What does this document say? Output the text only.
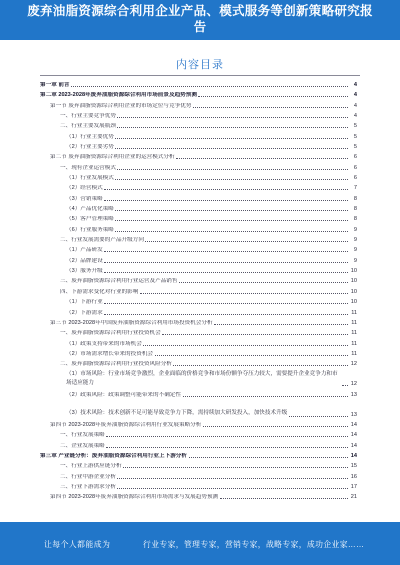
废弃油脂资源综合利用企业产品、模式服务等创新策略研究报告
内容目录
第一章 前言	4
第二章 2023-2028年废弃油脂资源综合利用市场前景及趋势预测	4
第一节 废弃油脂资源综合利用企业的市场定位与竞争优势	4
一、行业主要竞争优势	4
二、行业主要发展瓶颈	5
（1）行业主要优势	5
（2）行业主要劣势	5
第二节 废弃油脂资源综合利用企业的运营模式分析	6
一、现有企业运营模式	6
（1）行业发展模式	6
（2）经营模式	7
（3）营销策略	8
（4）产品优化策略	8
（5）客户管理策略	8
（6）行业服务策略	9
二、行业发展需要的产品升级方向	9
（1）产品研发	9
（2）品牌建设	9
（3）服务升级	10
三、废弃油脂资源综合利用行业运营及产品销售	10
四、下游需求变化对行业的影响	10
（1）下游行业	10
（2）下游需求	11
第三节 2023-2028年中国废弃油脂资源综合利用市场投资机会分析	11
一、废弃油脂资源综合利用行业投资机会	11
（1）政策支持带来的市场机会	11
（2）市场需求增长带来的投资机会	11
二、废弃油脂资源综合利用行业投资风险分析	12
（1）市场风险：行业市场竞争激烈，企业面临的价格竞争和市场份额争夺压力较大，需要提升企业竞争力和市场适应能力	12
（2）政策风险：政策调整可能带来的不确定性	13
（3）技术风险：技术创新不足可能导致竞争力下降，需持续加大研发投入，加快技术升级	13
第四节 2023-2028年废弃油脂资源综合利用行业发展策略分析	14
一、行业发展策略	14
二、企业发展策略	14
第三章 产业链分析：废弃油脂资源综合利用行业上下游分析	14
一、行业上游供应链分析	15
二、行业中游企业分析	16
三、行业下游需求分析	17
第四节 2023-2028年废弃油脂资源综合利用市场需求与发展趋势预测	21
让每个人都能成为	行业专家，管理专家，营销专家，战略专家，成功企业家……
